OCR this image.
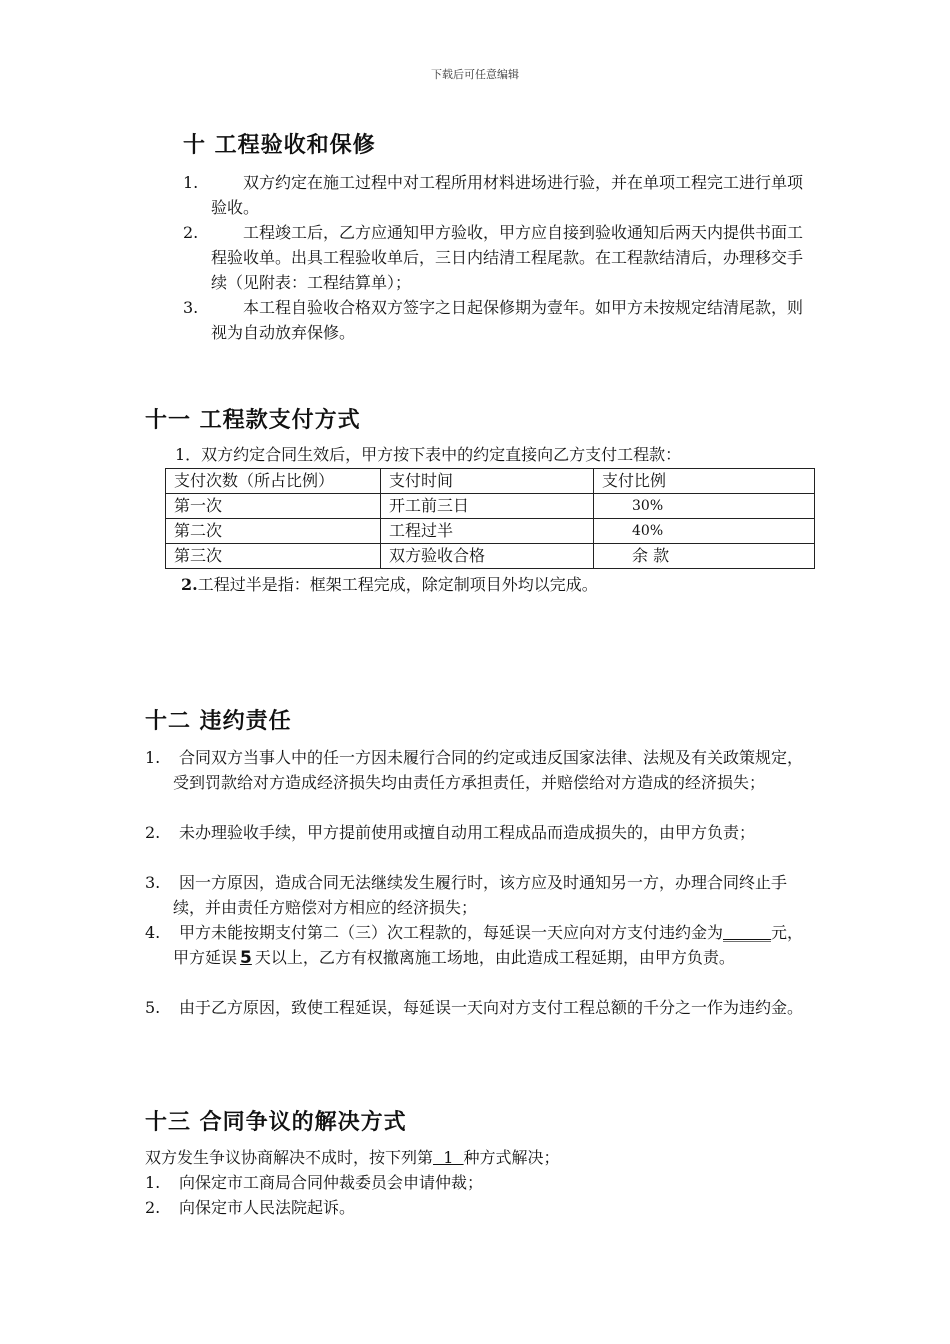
下载后可任意编辑
十 工程验收和保修
1.	双方约定在施工过程中对工程所用材料进场进行验，并在单项工程完工进行单项验收。
2.	工程竣工后，乙方应通知甲方验收，甲方应自接到验收通知后两天内提供书面工程验收单。出具工程验收单后，三日内结清工程尾款。在工程款结清后，办理移交手续（见附表：工程结算单）；
3.	本工程自验收合格双方签字之日起保修期为壹年。如甲方未按规定结清尾款，则视为自动放弃保修。
十一 工程款支付方式
1．双方约定合同生效后，甲方按下表中的约定直接向乙方支付工程款：
支付次数（所占比例）	支付时间	支付比例
第一次	开工前三日	30%
第二次	工程过半	40%
第三次	双方验收合格	余 款
2.工程过半是指：框架工程完成，除定制项目外均以完成。
十二 违约责任
1.	合同双方当事人中的任一方因未履行合同的约定或违反国家法律、法规及有关政策规定，受到罚款给对方造成经济损失均由责任方承担责任，并赔偿给对方造成的经济损失；
2.	未办理验收手续，甲方提前使用或擅自动用工程成品而造成损失的，由甲方负责；
3.	因一方原因，造成合同无法继续发生履行时，该方应及时通知另一方，办理合同终止手续，并由责任方赔偿对方相应的经济损失；
4.	甲方未能按期支付第二（三）次工程款的，每延误一天应向对方支付违约金为______元，甲方延误 5 天以上，乙方有权撤离施工场地，由此造成工程延期，由甲方负责。
5.	由于乙方原因，致使工程延误，每延误一天向对方支付工程总额的千分之一作为违约金。
十三 合同争议的解决方式
双方发生争议协商解决不成时，按下列第  1  种方式解决；
1.	向保定市工商局合同仲裁委员会申请仲裁；
2.	向保定市人民法院起诉。
